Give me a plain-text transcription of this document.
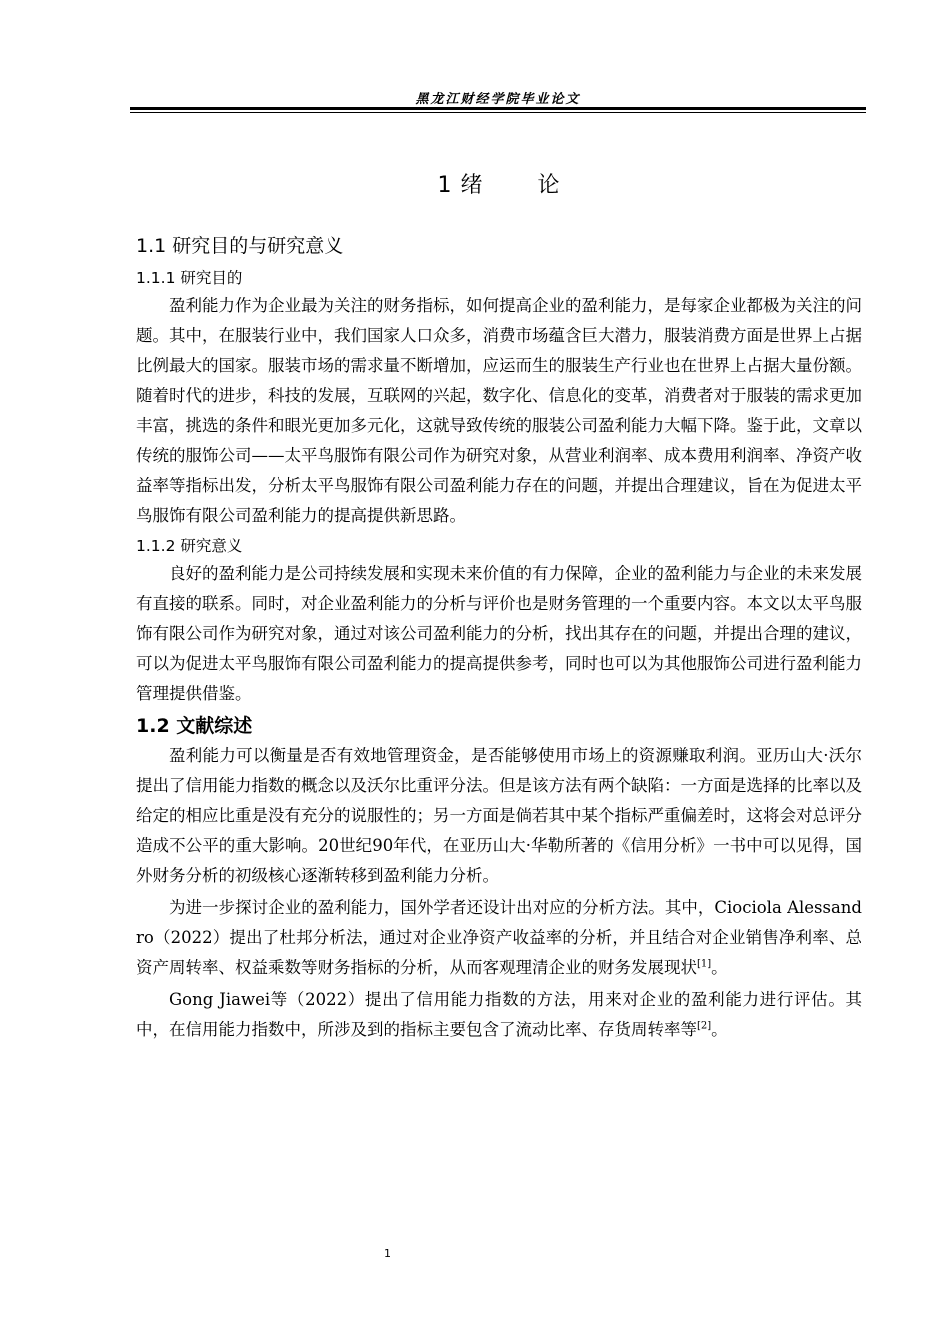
黑龙江财经学院毕业论文
1 绪 论
1.1 研究目的与研究意义
1.1.1 研究目的

盈利能力作为企业最为关注的财务指标，如何提高企业的盈利能力，是每家企业都极为关注的问题。其中，在服装行业中，我们国家人口众多，消费市场蕴含巨大潜力，服装消费方面是世界上占据比例最大的国家。服装市场的需求量不断增加，应运而生的服装生产行业也在世界上占据大量份额。随着时代的进步，科技的发展，互联网的兴起，数字化、信息化的变革，消费者对于服装的需求更加丰富，挑选的条件和眼光更加多元化，这就导致传统的服装公司盈利能力大幅下降。鉴于此，文章以传统的服饰公司——太平鸟服饰有限公司作为研究对象，从营业利润率、成本费用利润率、净资产收益率等指标出发，分析太平鸟服饰有限公司盈利能力存在的问题，并提出合理建议，旨在为促进太平鸟服饰有限公司盈利能力的提高提供新思路。

1.1.2 研究意义

良好的盈利能力是公司持续发展和实现未来价值的有力保障，企业的盈利能力与企业的未来发展有直接的联系。同时，对企业盈利能力的分析与评价也是财务管理的一个重要内容。本文以太平鸟服饰有限公司作为研究对象，通过对该公司盈利能力的分析，找出其存在的问题，并提出合理的建议，可以为促进太平鸟服饰有限公司盈利能力的提高提供参考，同时也可以为其他服饰公司进行盈利能力管理提供借鉴。

1.2 文献综述

盈利能力可以衡量是否有效地管理资金，是否能够使用市场上的资源赚取利润。亚历山大·沃尔提出了信用能力指数的概念以及沃尔比重评分法。但是该方法有两个缺陷：一方面是选择的比率以及给定的相应比重是没有充分的说服性的；另一方面是倘若其中某个指标严重偏差时，这将会对总评分造成不公平的重大影响。20世纪90年代，在亚历山大·华勒所著的《信用分析》一书中可以见得，国外财务分析的初级核心逐渐转移到盈利能力分析。

为进一步探讨企业的盈利能力，国外学者还设计出对应的分析方法。其中，Ciociola Alessandro（2022）提出了杜邦分析法，通过对企业净资产收益率的分析，并且结合对企业销售净利率、总资产周转率、权益乘数等财务指标的分析，从而客观理清企业的财务发展现状[1]。

Gong Jiawei等（2022）提出了信用能力指数的方法，用来对企业的盈利能力进行评估。其中，在信用能力指数中，所涉及到的指标主要包含了流动比率、存货周转率等[2]。

1
